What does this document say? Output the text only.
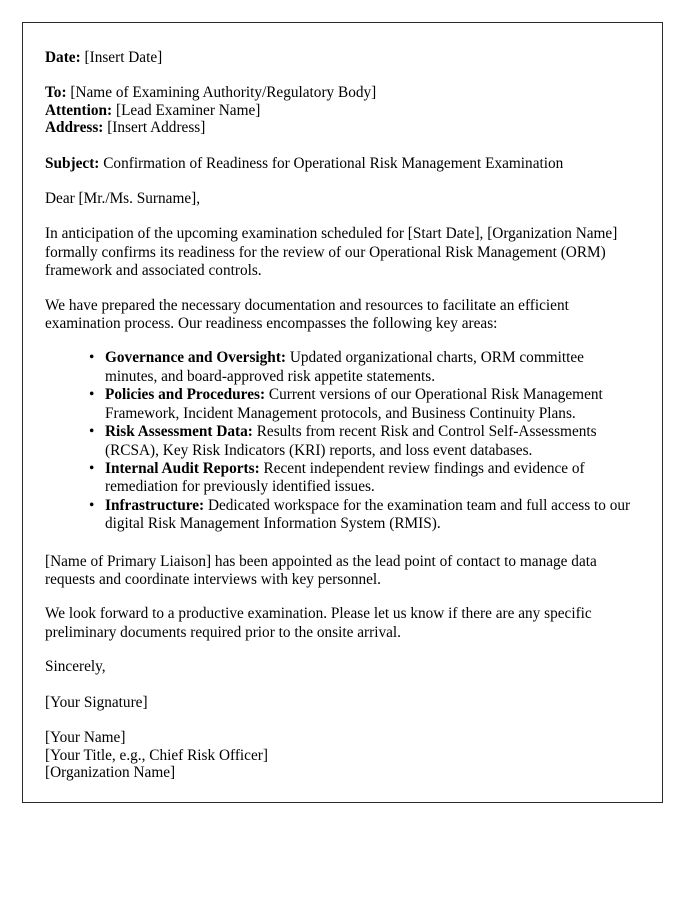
Date: [Insert Date]

To: [Name of Examining Authority/Regulatory Body]

Attention: [Lead Examiner Name]

Address: [Insert Address]

Subject: Confirmation of Readiness for Operational Risk Management Examination

Dear [Mr./Ms. Surname],

In anticipation of the upcoming examination scheduled for [Start Date], [Organization Name] formally confirms its readiness for the review of our Operational Risk Management (ORM) framework and associated controls.

We have prepared the necessary documentation and resources to facilitate an efficient examination process. Our readiness encompasses the following key areas:

• Governance and Oversight: Updated organizational charts, ORM committee minutes, and board-approved risk appetite statements.
• Policies and Procedures: Current versions of our Operational Risk Management Framework, Incident Management protocols, and Business Continuity Plans.
• Risk Assessment Data: Results from recent Risk and Control Self-Assessments (RCSA), Key Risk Indicators (KRI) reports, and loss event databases.
• Internal Audit Reports: Recent independent review findings and evidence of remediation for previously identified issues.
• Infrastructure: Dedicated workspace for the examination team and full access to our digital Risk Management Information System (RMIS).

[Name of Primary Liaison] has been appointed as the lead point of contact to manage data requests and coordinate interviews with key personnel.

We look forward to a productive examination. Please let us know if there are any specific preliminary documents required prior to the onsite arrival.

Sincerely,

[Your Signature]

[Your Name]

[Your Title, e.g., Chief Risk Officer]

[Organization Name]
